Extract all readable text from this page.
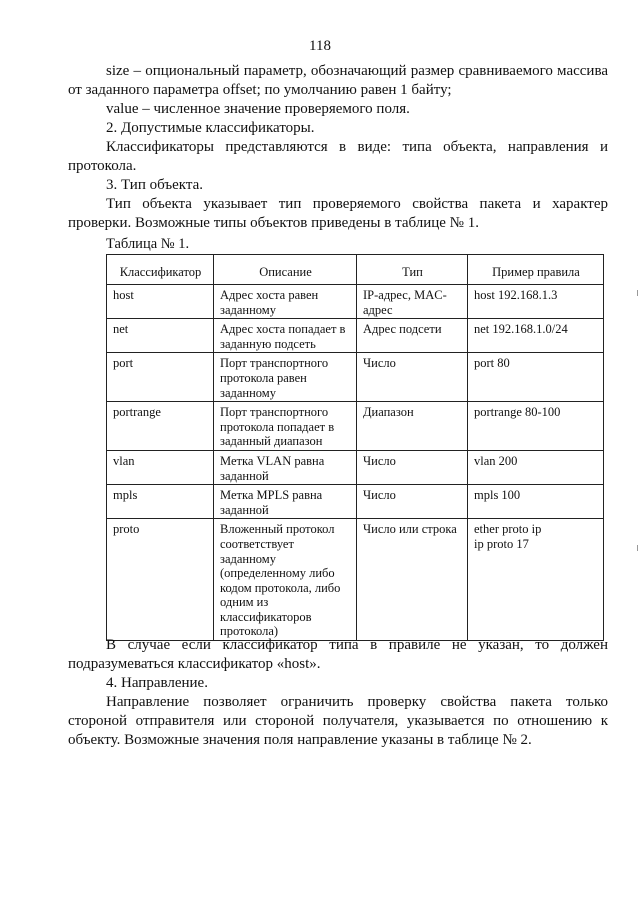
118

size – опциональный параметр, обозначающий размер сравниваемого массива от заданного параметра offset; по умолчанию равен 1 байту;

value – численное значение проверяемого поля.

2. Допустимые классификаторы.

Классификаторы представляются в виде: типа объекта, направления и протокола.

3. Тип объекта.

Тип объекта указывает тип проверяемого свойства пакета и характер проверки. Возможные типы объектов приведены в таблице № 1.

Таблица № 1.
Классификатор	Описание	Тип	Пример правила
host	Адрес хоста равен заданному	IP-адрес, MAC-адрес	host 192.168.1.3
net	Адрес хоста попадает в заданную подсеть	Адрес подсети	net 192.168.1.0/24
port	Порт транспортного протокола равен заданному	Число	port 80
portrange	Порт транспортного протокола попадает в заданный диапазон	Диапазон	portrange 80-100
vlan	Метка VLAN равна заданной	Число	vlan 200
mpls	Метка MPLS равна заданной	Число	mpls 100
proto	Вложенный протокол соответствует заданному (определенному либо кодом протокола, либо одним из классификаторов протокола)	Число или строка	ether proto ip
ip proto 17

В случае если классификатор типа в правиле не указан, то должен подразумеваться классификатор «host».

4. Направление.

Направление позволяет ограничить проверку свойства пакета только стороной отправителя или стороной получателя, указывается по отношению к объекту. Возможные значения поля направление указаны в таблице № 2.
